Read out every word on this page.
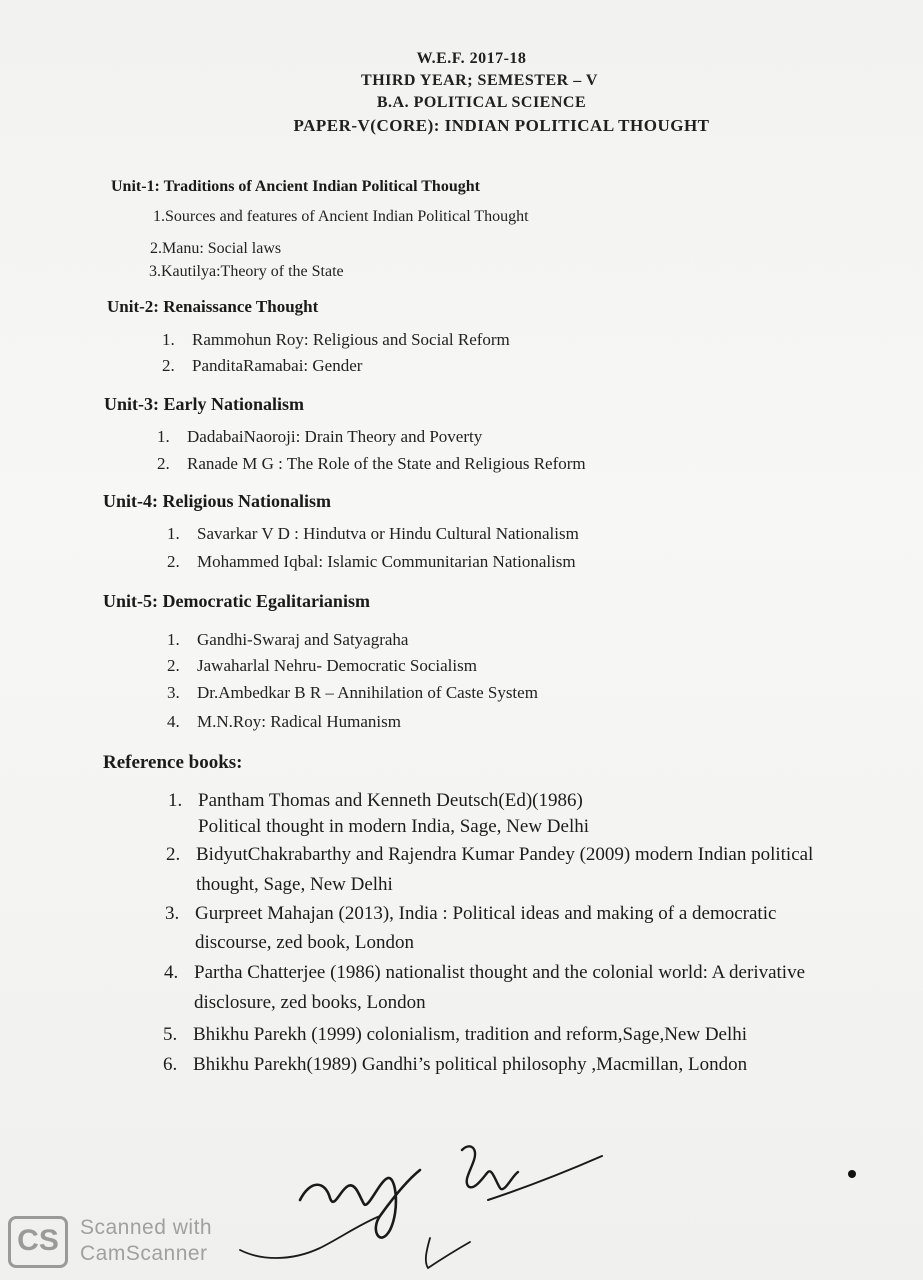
W.E.F. 2017-18
THIRD YEAR; SEMESTER – V
B.A. POLITICAL SCIENCE
PAPER-V(CORE): INDIAN POLITICAL THOUGHT
Unit-1: Traditions of Ancient Indian Political Thought
1.Sources and features of Ancient Indian Political Thought
2.Manu: Social laws
3.Kautilya:Theory of the State
Unit-2: Renaissance Thought
1. Rammohun Roy: Religious and Social Reform
2. PanditaRamabai: Gender
Unit-3: Early Nationalism
1. DadabaiNaoroji: Drain Theory and Poverty
2. Ranade M G : The Role of the State and Religious Reform
Unit-4: Religious Nationalism
1. Savarkar V D : Hindutva or Hindu Cultural Nationalism
2. Mohammed Iqbal: Islamic Communitarian Nationalism
Unit-5: Democratic Egalitarianism
1. Gandhi-Swaraj and Satyagraha
2. Jawaharlal Nehru- Democratic Socialism
3. Dr.Ambedkar B R – Annihilation of Caste System
4. M.N.Roy: Radical Humanism
Reference books:
1. Pantham Thomas and Kenneth Deutsch(Ed)(1986)
Political thought in modern India, Sage, New Delhi
2. BidyutChakrabarthy and Rajendra Kumar Pandey (2009) modern Indian political
thought, Sage, New Delhi
3. Gurpreet Mahajan (2013), India : Political ideas and making of a democratic
discourse, zed book, London
4. Partha Chatterjee (1986) nationalist thought and the colonial world: A derivative
disclosure, zed books, London
5. Bhikhu Parekh (1999) colonialism, tradition and reform,Sage,New Delhi
6. Bhikhu Parekh(1989) Gandhi’s political philosophy ,Macmillan, London
CS	Scanned with
CamScanner
